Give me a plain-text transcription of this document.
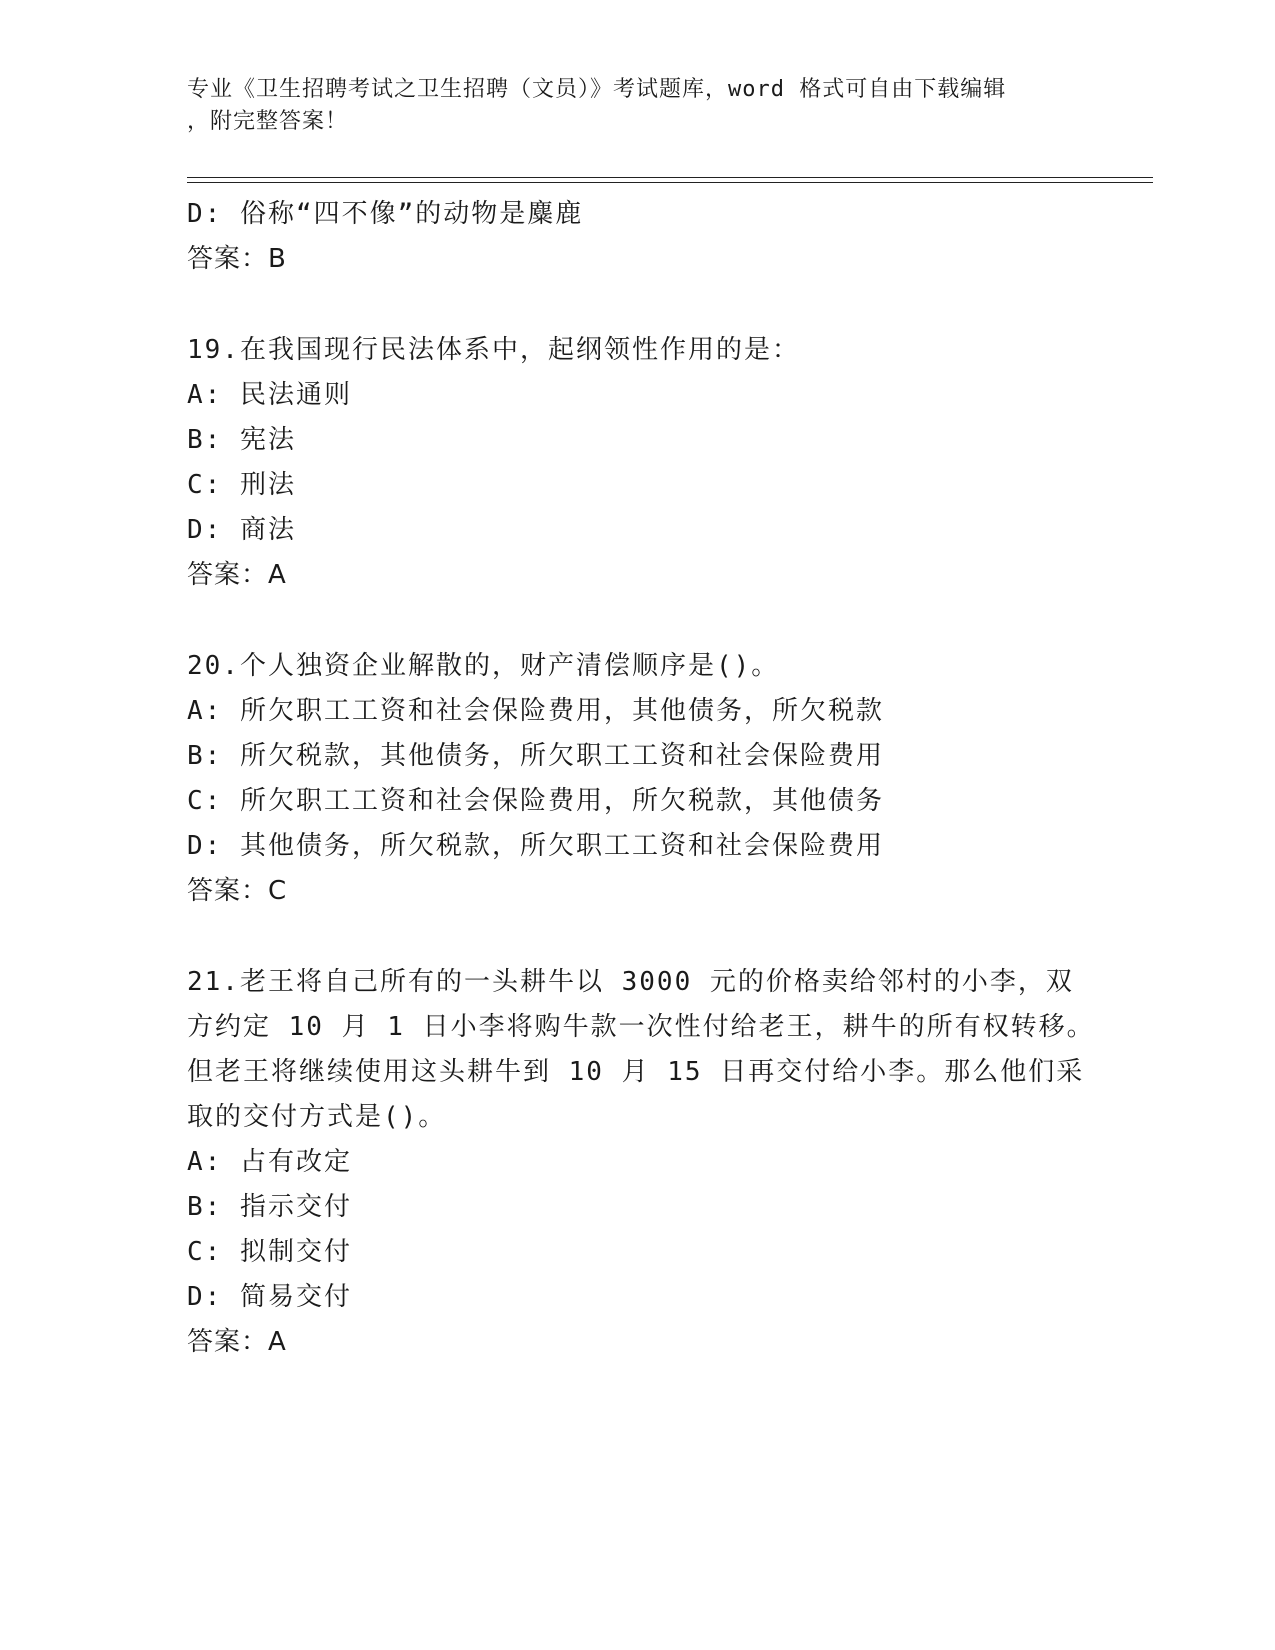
专业《卫生招聘考试之卫生招聘（文员）》考试题库，word 格式可自由下载编辑
，附完整答案！
D: 俗称“四不像”的动物是麋鹿
答案：B
19.在我国现行民法体系中，起纲领性作用的是：
A: 民法通则
B: 宪法
C: 刑法
D: 商法
答案：A
20.个人独资企业解散的，财产清偿顺序是()。
A: 所欠职工工资和社会保险费用，其他债务，所欠税款
B: 所欠税款，其他债务，所欠职工工资和社会保险费用
C: 所欠职工工资和社会保险费用，所欠税款，其他债务
D: 其他债务，所欠税款，所欠职工工资和社会保险费用
答案：C
21.老王将自己所有的一头耕牛以 3000 元的价格卖给邻村的小李，双
方约定 10 月 1 日小李将购牛款一次性付给老王，耕牛的所有权转移。
但老王将继续使用这头耕牛到 10 月 15 日再交付给小李。那么他们采
取的交付方式是()。
A: 占有改定
B: 指示交付
C: 拟制交付
D: 简易交付
答案：A
